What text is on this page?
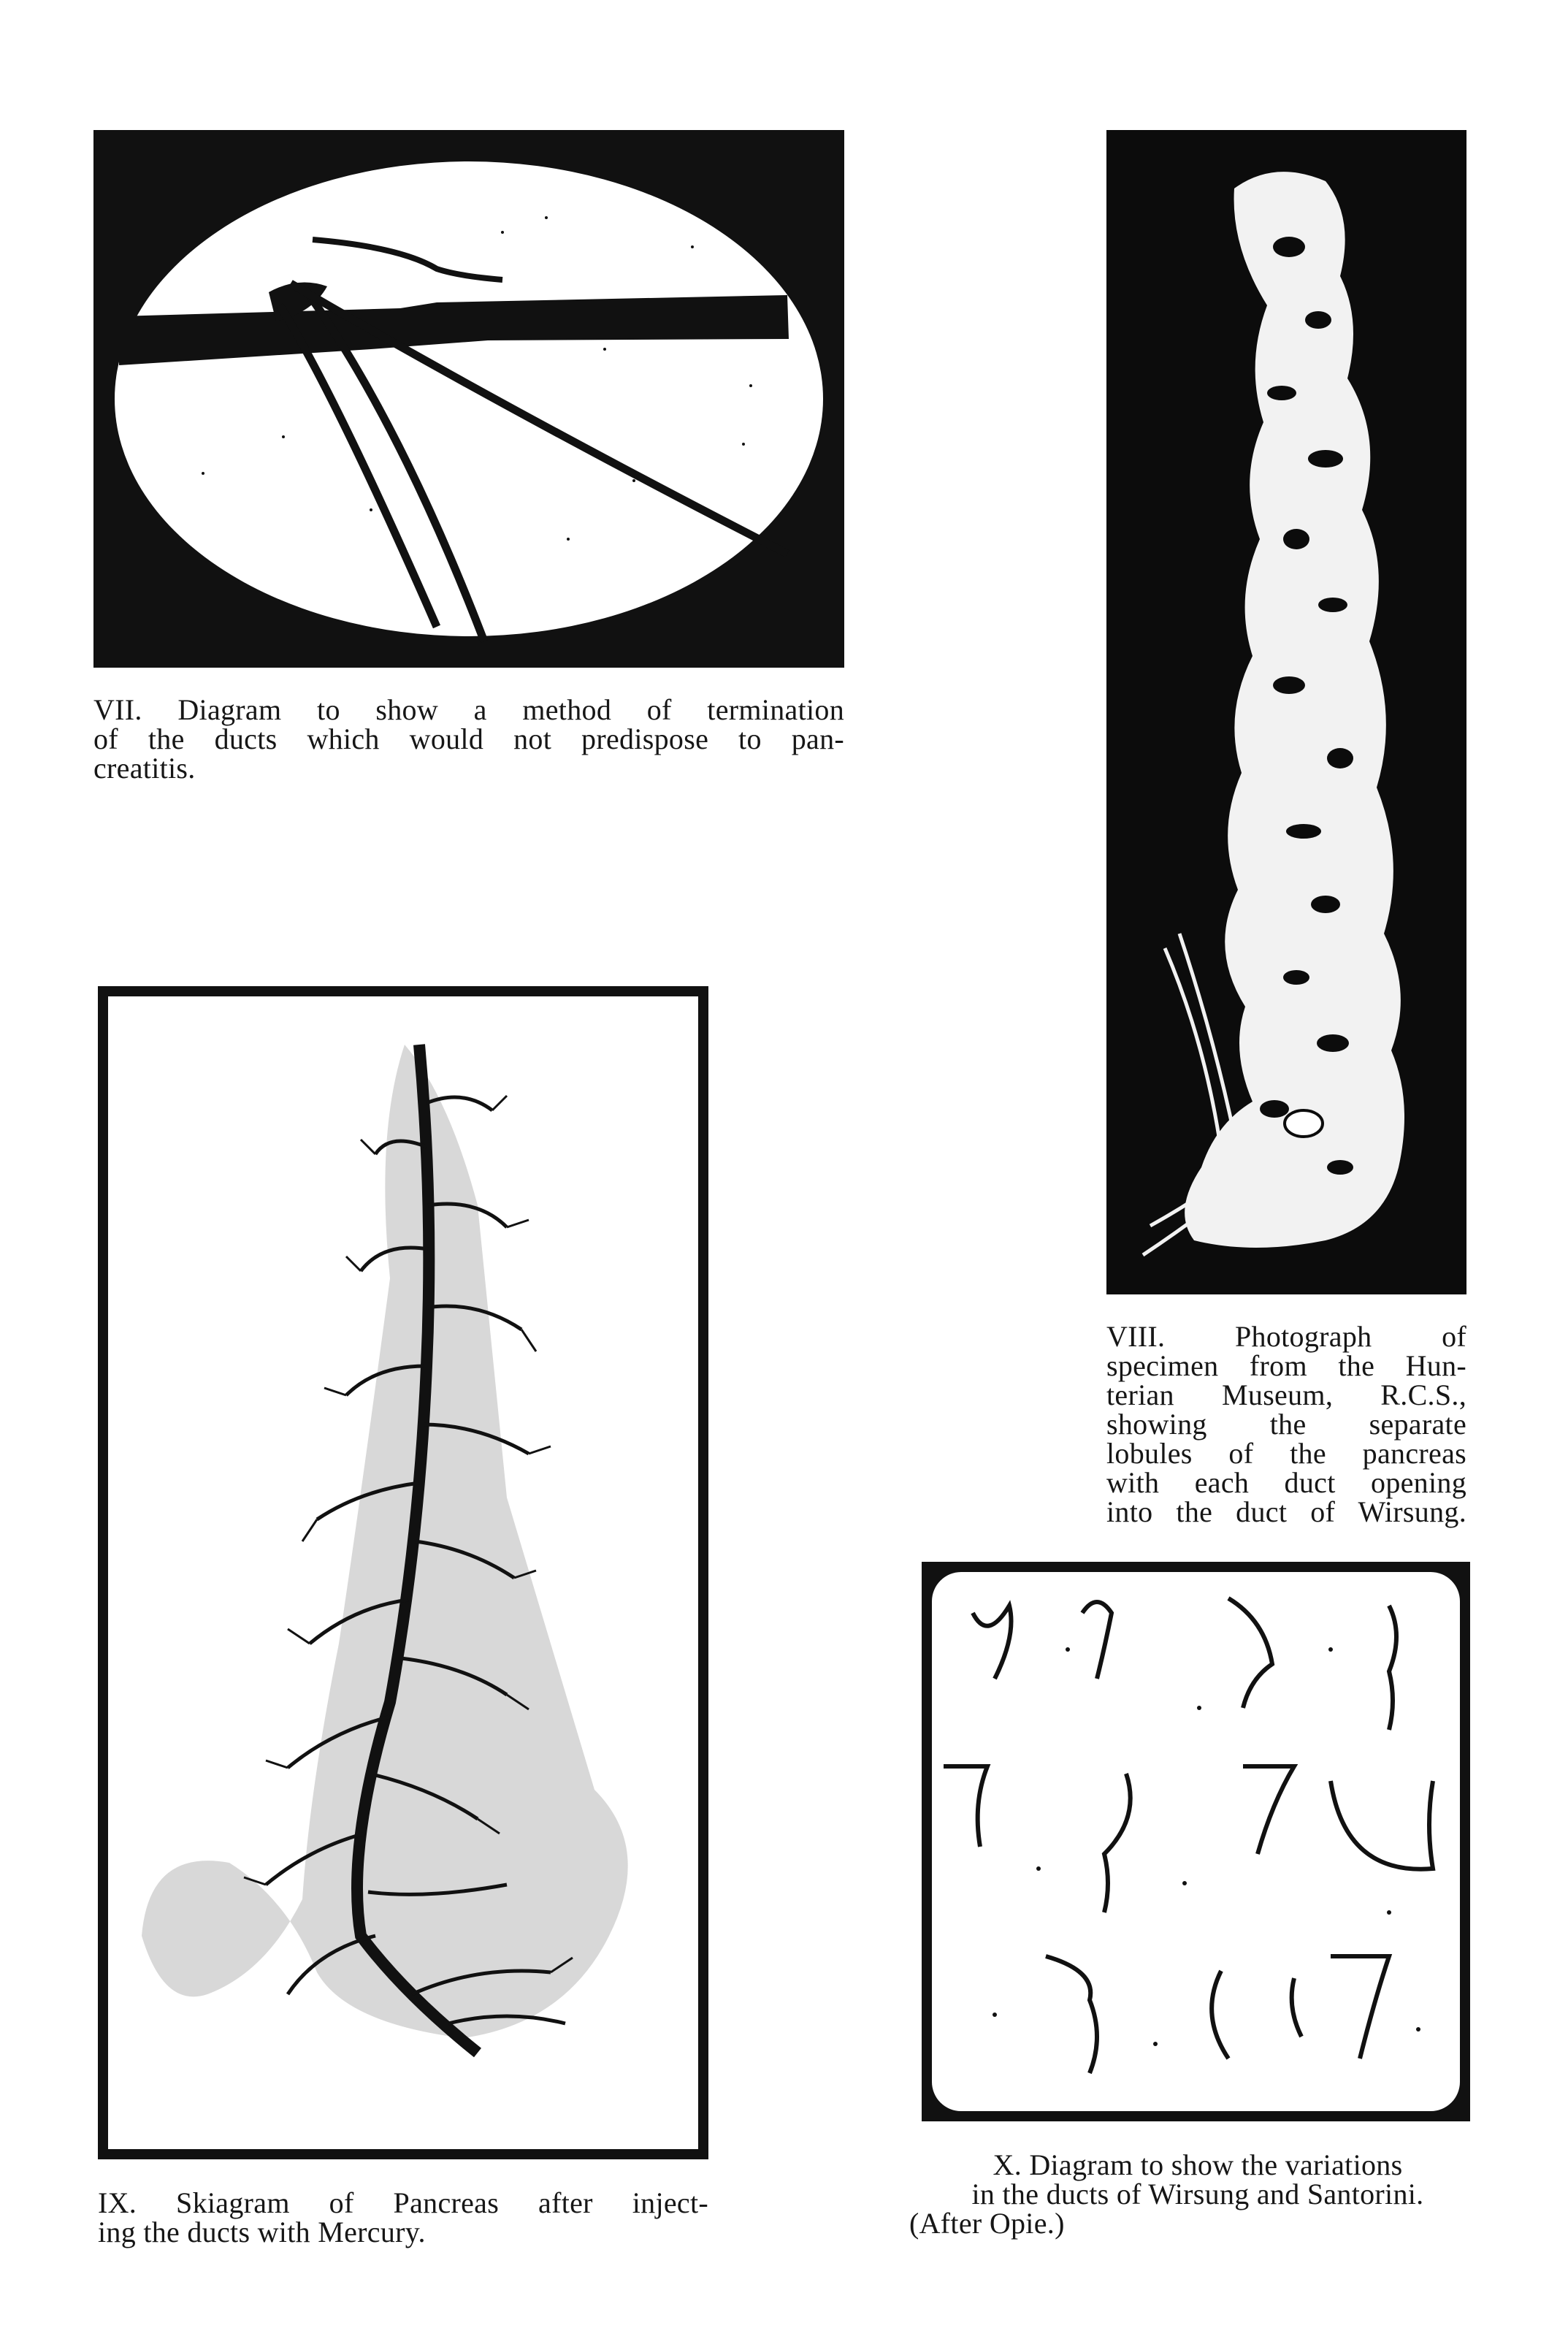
VII. Diagram to show a method of termination
of the ducts which would not predispose to pan-
creatitis.
VIII. Photograph of
specimen from the Hun-
terian Museum, R.C.S.,
showing the separate
lobules of the pancreas
with each duct opening
into the duct of Wirsung.
IX. Skiagram of Pancreas after inject-
ing the ducts with Mercury.
X. Diagram to show the variations
in the ducts of Wirsung and Santorini.
(After Opie.)
